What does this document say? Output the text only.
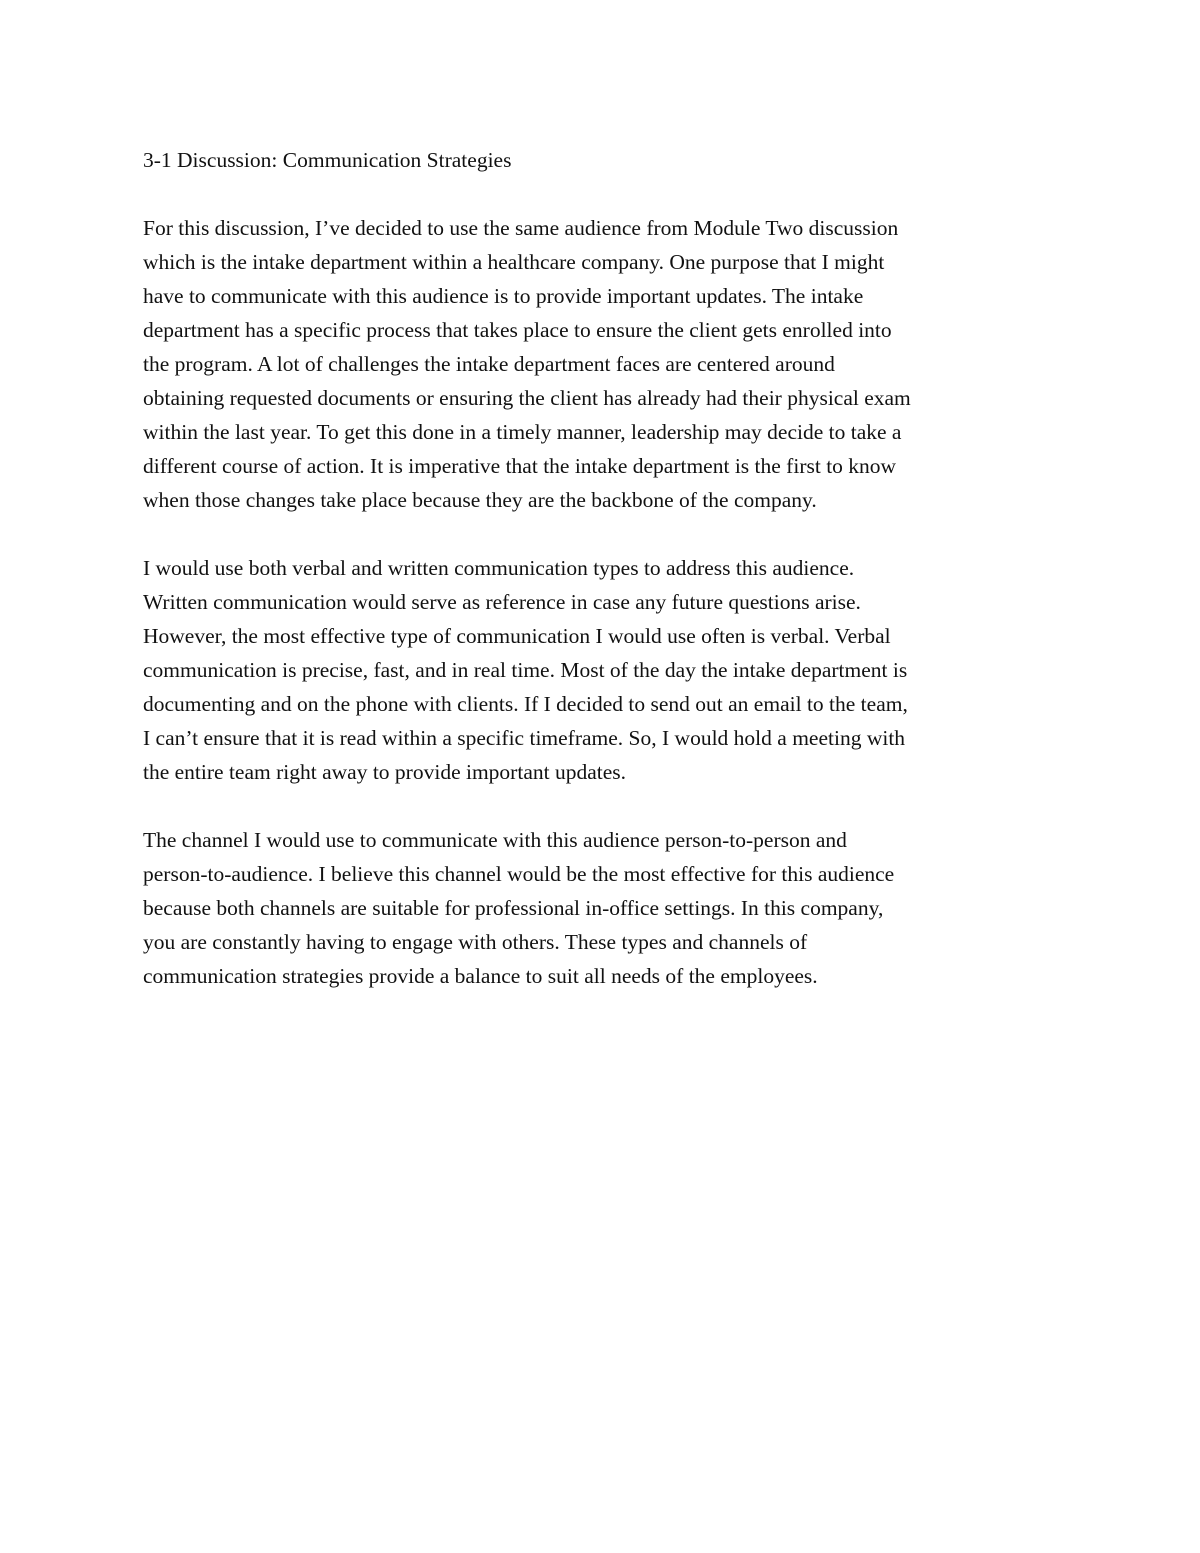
3-1 Discussion: Communication Strategies
For this discussion, I’ve decided to use the same audience from Module Two discussion
which is the intake department within a healthcare company. One purpose that I might
have to communicate with this audience is to provide important updates. The intake
department has a specific process that takes place to ensure the client gets enrolled into
the program. A lot of challenges the intake department faces are centered around
obtaining requested documents or ensuring the client has already had their physical exam
within the last year. To get this done in a timely manner, leadership may decide to take a
different course of action. It is imperative that the intake department is the first to know
when those changes take place because they are the backbone of the company.
I would use both verbal and written communication types to address this audience.
Written communication would serve as reference in case any future questions arise.
However, the most effective type of communication I would use often is verbal. Verbal
communication is precise, fast, and in real time. Most of the day the intake department is
documenting and on the phone with clients. If I decided to send out an email to the team,
I can’t ensure that it is read within a specific timeframe. So, I would hold a meeting with
the entire team right away to provide important updates.
The channel I would use to communicate with this audience person-to-person and
person-to-audience. I believe this channel would be the most effective for this audience
because both channels are suitable for professional in-office settings. In this company,
you are constantly having to engage with others. These types and channels of
communication strategies provide a balance to suit all needs of the employees.
